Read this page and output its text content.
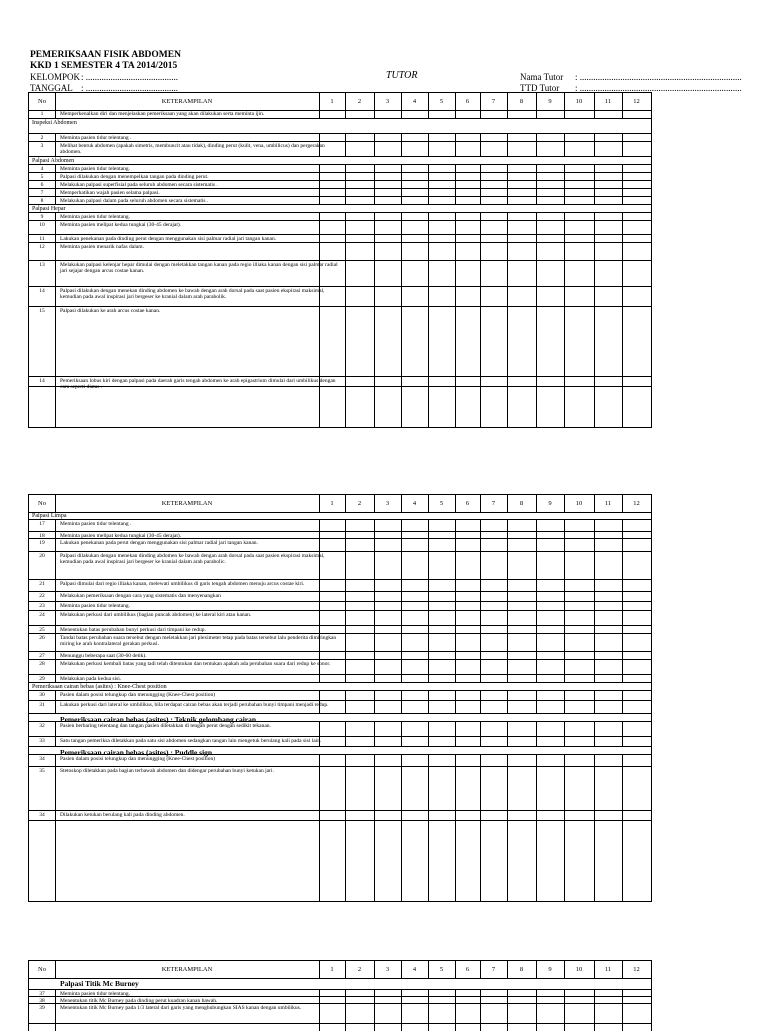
PEMERIKSAAN FISIK ABDOMEN
KKD 1 SEMESTER 4 TA 2014/2015
KELOMPOK : .........................................	TUTOR	Nama Tutor : ........................................................................
TANGGAL : .........................................	TTD Tutor : ........................................................................
No	KETERAMPILAN	1	2	3	4	5	6	7	8	9	10	11	12
1	Memperkenalkan diri dan menjelaskan pemeriksaan yang akan dilakukan serta meminta ijin.
Inspeksi Abdomen
2	Meminta pasien tidur telentang .
3	Melihat bentuk abdomen (apakah simetris, membuncit atau tidak), dinding perut (kulit, vena, umbilicus) dan pergerakan abdomen.
Palpasi Abdomen
4	Meminta pasien tidur telentang.
5	Palpasi dilakukan dengan menempelkan tangan pada dinding perut.
6	Melakukan palpasi superfisial pada seluruh abdomen secara sistematis .
7	Memperhatikan wajah pasien selama palpasi.
8	Melakukan palpasi dalam pada seluruh abdomen secara sistematis .
Palpasi Hepar
9	Meminta pasien tidur telentang.
10	Meminta pasien melipat kedua tungkai (30-45 derajat).
11	Lakukan penekanan pada dinding perut dengan menggunakan sisi palmar radial jari tangan kanan.
12	Meminta pasien menarik nafas dalam.
13	Melakukan palpasi kelenjar hepar dimulai dengan meletakkan tangan kanan pada regio illiaka kanan dengan sisi palmar radial jari sejajar dengan arcus costae kanan.
14	Palpasi dilakukan dengan menekan dinding abdomen ke bawah dengan arah dorsal pada saat pasien ekspirasi maksimal, kemudian pada awal inspirasi jari bergeser ke kranial dalam arah parabolik.
15	Palpasi dilakukan ke arah arcus costae kanan.
14	Pemeriksaan lobus kiri dengan palpasi pada daerah garis tengah abdomen ke arah epigastrium dimulai dari umbilikus dengan cara seperti diatas .
No	KETERAMPILAN	1	2	3	4	5	6	7	8	9	10	11	12
Palpasi Limpa
17	Meminta pasien tidur telentang .
18	Meminta pasien melipat kedua tungkai (30-45 derajat).
19	Lakukan penekanan pada perut dengan menggunakan sisi palmar radial jari tangan kanan.
20	Palpasi dilakukan dengan menekan dinding abdomen ke bawah dengan arah dorsal pada saat pasien ekspirasi maksimal, kemudian pada awal inspirasi jari bergeser ke kranial dalam arah parabolic.
21	Palpasi dimulai dari regio illiaka kanan, melewati umbilikus di garis tengah abdomen menuju arcus costae kiri.
22	Melakukan pemeriksaan dengan cara yang sistematis dan menyenangkan
23	Meminta pasien tidur telentang.
24	Melakukan perkusi dari umbilikus (bagian puncak abdomen) ke lateral kiri atau kanan.
25	Menentukan batas perubahan bunyi perkusi dari timpani ke redup.
26	Tandai batas perubahan suara tersebut dengan meletakkan jari pleximeter tetap pada batas tersebut lalu penderita dimiringkan miring ke arah kontralateral gerakan perkusi.
27	Menunggu beberapa saat (30-60 detik).
28	Melakukan perkusi kembali batas yang tadi telah ditentukan dan tentukan apakah ada perubahan suara dari redup ke sonor.
29	Melakukan pada kedua sisi.
Pemeriksaan cairan bebas (asites) : Knee-Chest position
30	Pasien dalam posisi telungkup dan menungging (Knee-Chest position)
31	Lakukan perkusi dari lateral ke umbilikus, bila terdapat cairan bebas akan terjadi perubahan bunyi timpani menjadi redup.
Pemeriksaan cairan bebas (asites) : Teknik gelombang cairan
32	Pasien berbaring telentang dan tangan pasien diletakkan di tengah perut dengan sedikit tekanan.
33	Satu tangan pemeriksa diletakkan pada satu sisi abdomen sedangkan tangan lain mengetuk berulang kali pada sisi lain.
Pemeriksaan cairan bebas (asites) : Puddle sign
34	Pasien dalam posisi telungkup dan menungging (Knee-Chest position)
35	Stetoskop diletakkan pada bagian terbawah abdomen dan didengar perubahan bunyi ketukan jari.
34	Dilakukan ketukan berulang kali pada dinding abdomen.
No	KETERAMPILAN	1	2	3	4	5	6	7	8	9	10	11	12
Palpasi Titik Mc Burney
37	Meminta pasien tidur telentang.
38	Menentukan titik Mc Burney pada dinding perut kuadran kanan bawah.
39	Menentukan titik Mc Burney pada 1/3 lateral dari garis yang menghubungkan SIAS kanan dengan umbilikus.
